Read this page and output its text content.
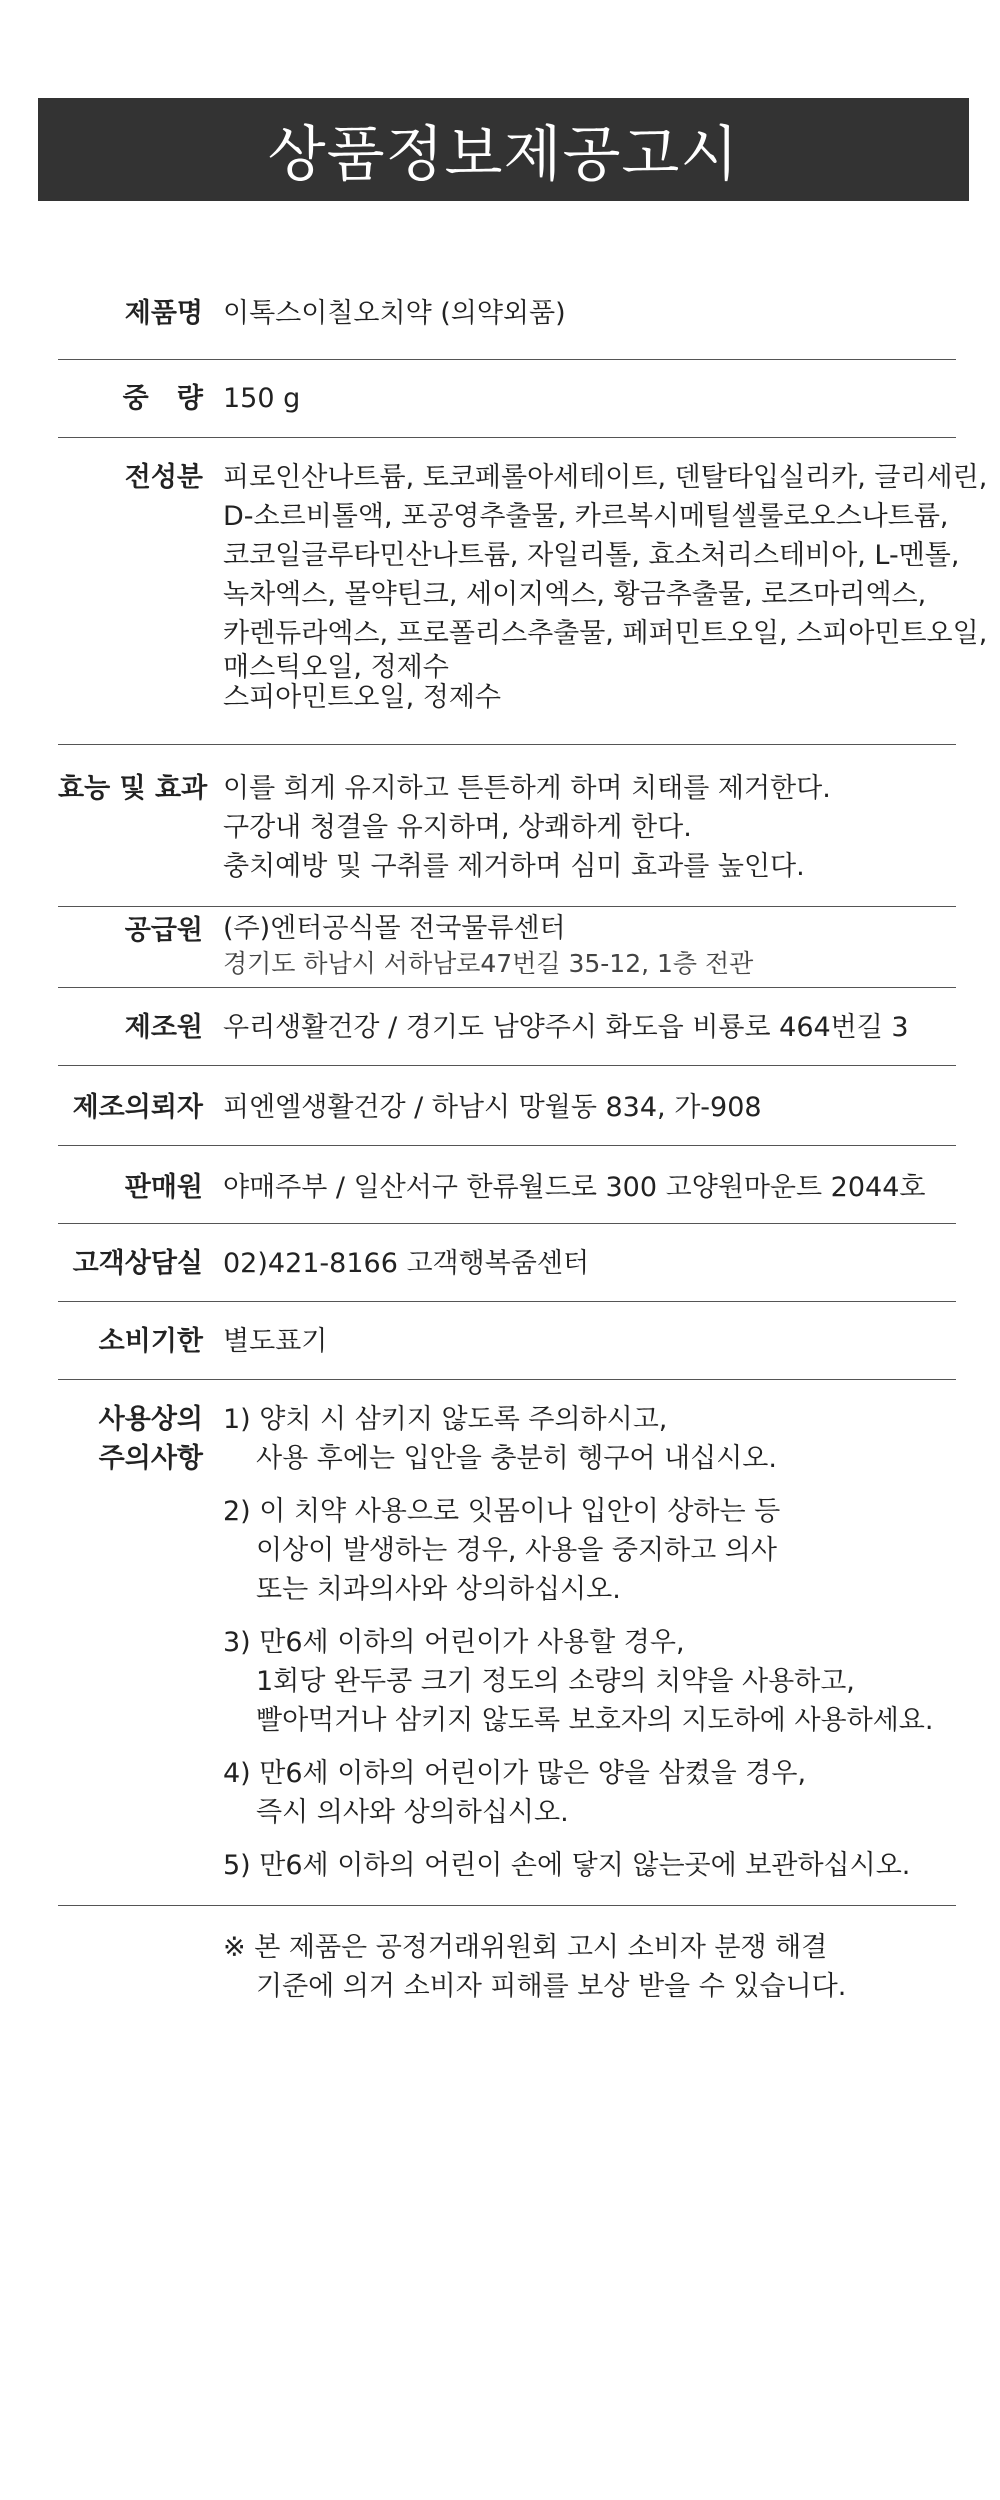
상품정보제공고시
제품명 이톡스이칠오치약 (의약외품)
중   량 150 g
전성분 피로인산나트륨, 토코페롤아세테이트, 덴탈타입실리카, 글리세린,
D-소르비톨액, 포공영추출물, 카르복시메틸셀룰로오스나트륨,
코코일글루타민산나트륨, 자일리톨, 효소처리스테비아, L-멘톨,
녹차엑스, 몰약틴크, 세이지엑스, 황금추출물, 로즈마리엑스,
카렌듀라엑스, 프로폴리스추출물, 페퍼민트오일, 스피아민트오일,
매스틱오일, 정제수
스피아민트오일, 정제수
효능 및 효과 이를 희게 유지하고 튼튼하게 하며 치태를 제거한다.
구강내 청결을 유지하며, 상쾌하게 한다.
충치예방 및 구취를 제거하며 심미 효과를 높인다.
공급원 (주)엔터공식몰 전국물류센터
경기도 하남시 서하남로47번길 35-12, 1층 전관
제조원 우리생활건강 / 경기도 남양주시 화도읍 비룡로 464번길 3
제조의뢰자 피엔엘생활건강 / 하남시 망월동 834, 가-908
판매원 야매주부 / 일산서구 한류월드로 300 고양원마운트 2044호
고객상담실 02)421-8166 고객행복줌센터
소비기한 별도표기
사용상의
주의사항
1) 양치 시 삼키지 않도록 주의하시고,
사용 후에는 입안을 충분히 헹구어 내십시오.
2) 이 치약 사용으로 잇몸이나 입안이 상하는 등
이상이 발생하는 경우, 사용을 중지하고 의사
또는 치과의사와 상의하십시오.
3) 만6세 이하의 어린이가 사용할 경우,
1회당 완두콩 크기 정도의 소량의 치약을 사용하고,
빨아먹거나 삼키지 않도록 보호자의 지도하에 사용하세요.
4) 만6세 이하의 어린이가 많은 양을 삼켰을 경우,
즉시 의사와 상의하십시오.
5) 만6세 이하의 어린이 손에 닿지 않는곳에 보관하십시오.
※ 본 제품은 공정거래위원회 고시 소비자 분쟁 해결
기준에 의거 소비자 피해를 보상 받을 수 있습니다.
